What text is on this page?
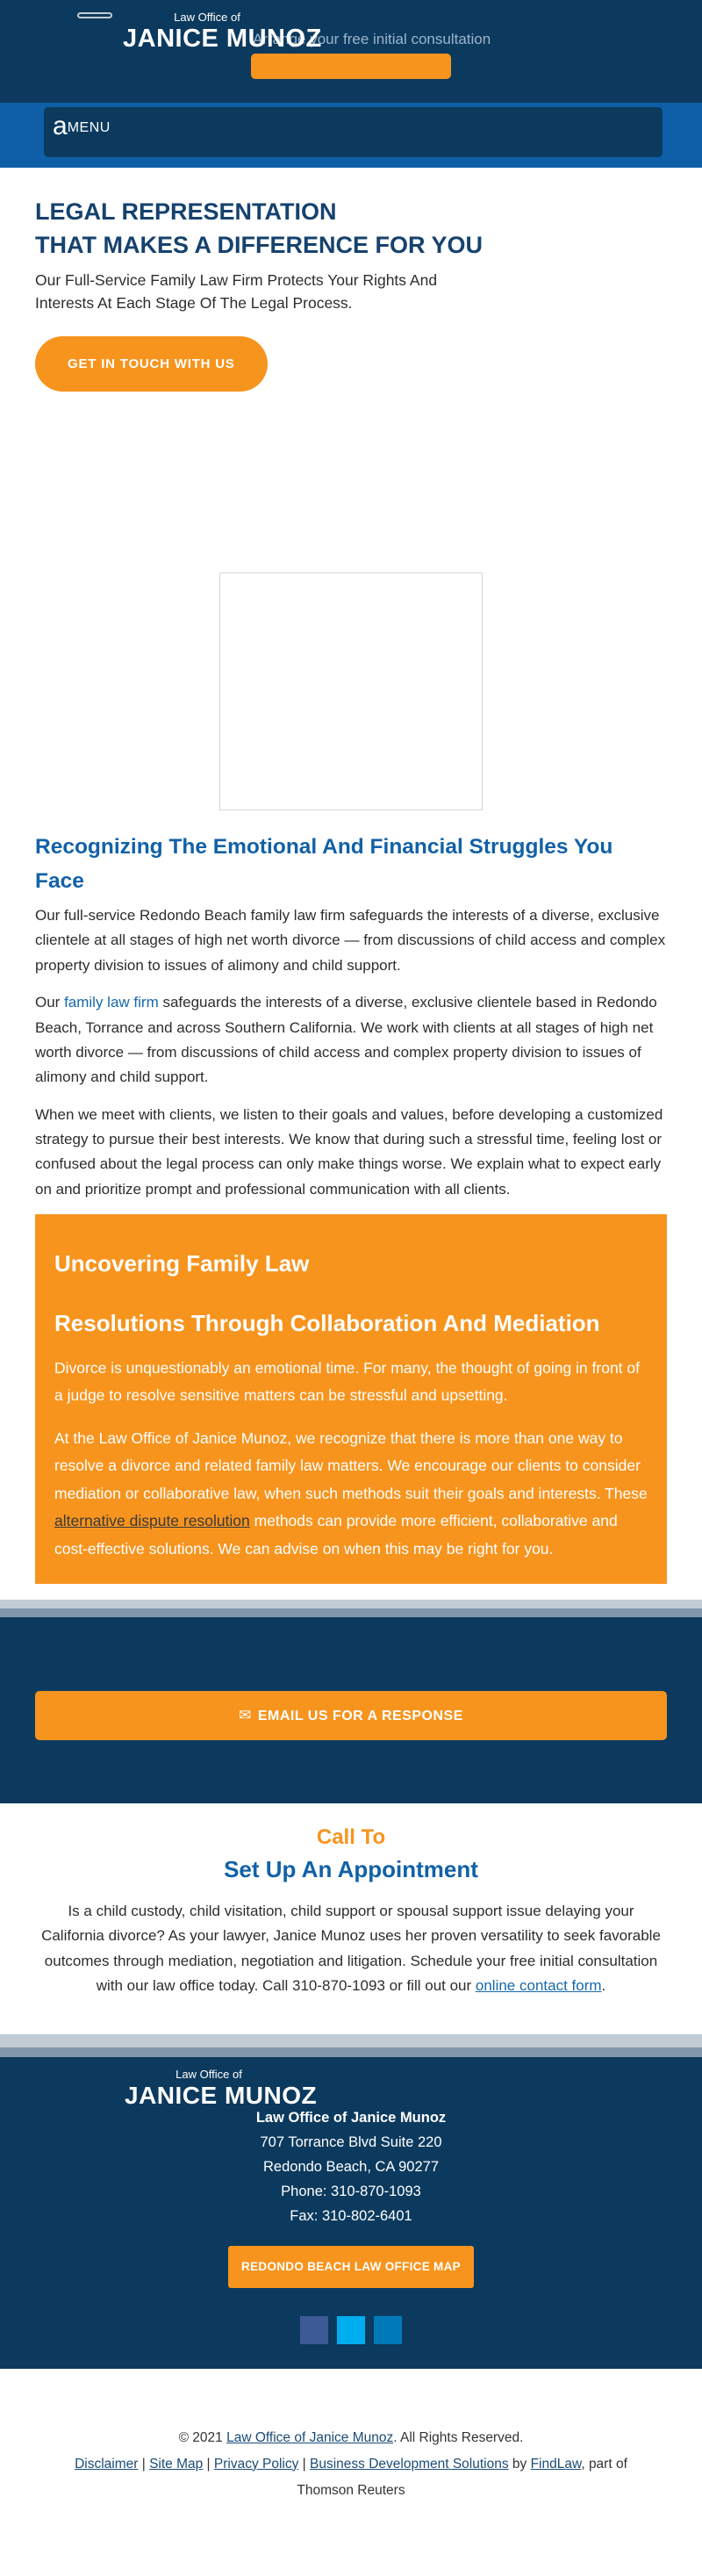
Law Office of
JANICE MUNOZ
Arrange your free initial consultation
a MENU
LEGAL REPRESENTATION
THAT MAKES A DIFFERENCE FOR YOU

Our Full-Service Family Law Firm Protects Your Rights And Interests At Each Stage Of The Legal Process.

GET IN TOUCH WITH US
Recognizing The Emotional And Financial Struggles You Face

Our full-service Redondo Beach family law firm safeguards the interests of a diverse, exclusive clientele at all stages of high net worth divorce — from discussions of child access and complex property division to issues of alimony and child support.

Our family law firm safeguards the interests of a diverse, exclusive clientele based in Redondo Beach, Torrance and across Southern California. We work with clients at all stages of high net worth divorce — from discussions of child access and complex property division to issues of alimony and child support.

When we meet with clients, we listen to their goals and values, before developing a customized strategy to pursue their best interests. We know that during such a stressful time, feeling lost or confused about the legal process can only make things worse. We explain what to expect early on and prioritize prompt and professional communication with all clients.

Uncovering Family Law
Resolutions Through Collaboration And Mediation

Divorce is unquestionably an emotional time. For many, the thought of going in front of a judge to resolve sensitive matters can be stressful and upsetting.

At the Law Office of Janice Munoz, we recognize that there is more than one way to resolve a divorce and related family law matters. We encourage our clients to consider mediation or collaborative law, when such methods suit their goals and interests. These alternative dispute resolution methods can provide more efficient, collaborative and cost-effective solutions. We can advise on when this may be right for you.

✉ EMAIL US FOR A RESPONSE
Call To
Set Up An Appointment

Is a child custody, child visitation, child support or spousal support issue delaying your California divorce? As your lawyer, Janice Munoz uses her proven versatility to seek favorable outcomes through mediation, negotiation and litigation. Schedule your free initial consultation with our law office today. Call 310-870-1093 or fill out our online contact form.

Law Office of
JANICE MUNOZ
Law Office of Janice Munoz
707 Torrance Blvd Suite 220
Redondo Beach, CA 90277
Phone: 310-870-1093
Fax: 310-802-6401
REDONDO BEACH LAW OFFICE MAP
© 2021 Law Office of Janice Munoz. All Rights Reserved.
Disclaimer | Site Map | Privacy Policy | Business Development Solutions by FindLaw, part of
Thomson Reuters
